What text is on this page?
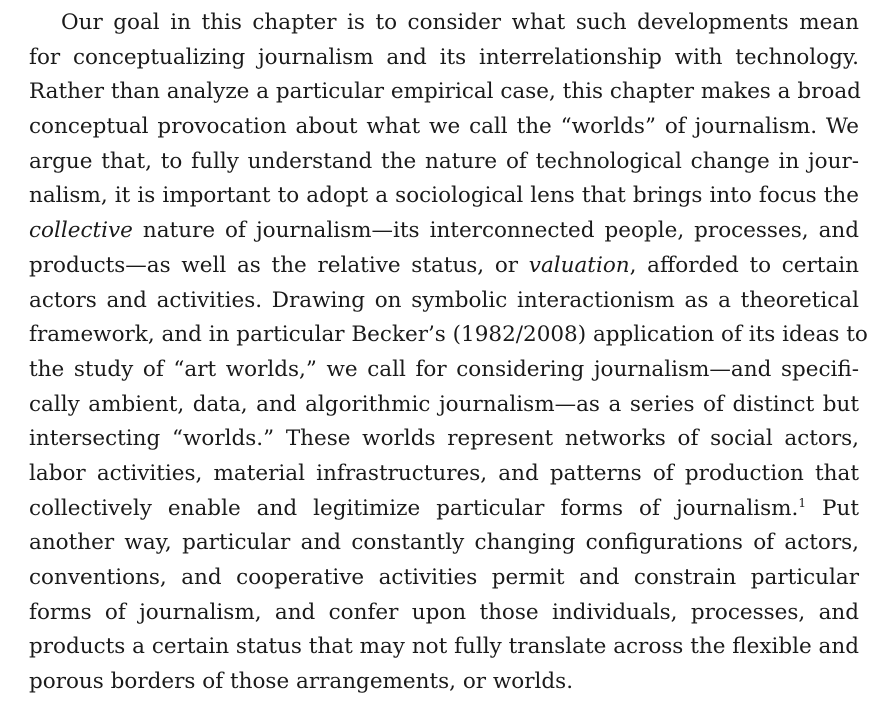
Our goal in this chapter is to consider what such developments mean
for conceptualizing journalism and its interrelationship with technology.
Rather than analyze a particular empirical case, this chapter makes a broad
conceptual provocation about what we call the “worlds” of journalism. We
argue that, to fully understand the nature of technological change in jour-
nalism, it is important to adopt a sociological lens that brings into focus the
collective nature of journalism—its interconnected people, processes, and
products—as well as the relative status, or valuation, afforded to certain
actors and activities. Drawing on symbolic interactionism as a theoretical
framework, and in particular Becker’s (1982/2008) application of its ideas to
the study of “art worlds,” we call for considering journalism—and specifi-
cally ambient, data, and algorithmic journalism—as a series of distinct but
intersecting “worlds.” These worlds represent networks of social actors,
labor activities, material infrastructures, and patterns of production that
collectively enable and legitimize particular forms of journalism.$^1$ Put
another way, particular and constantly changing configurations of actors,
conventions, and cooperative activities permit and constrain particular
forms of journalism, and confer upon those individuals, processes, and
products a certain status that may not fully translate across the flexible and
porous borders of those arrangements, or worlds.
